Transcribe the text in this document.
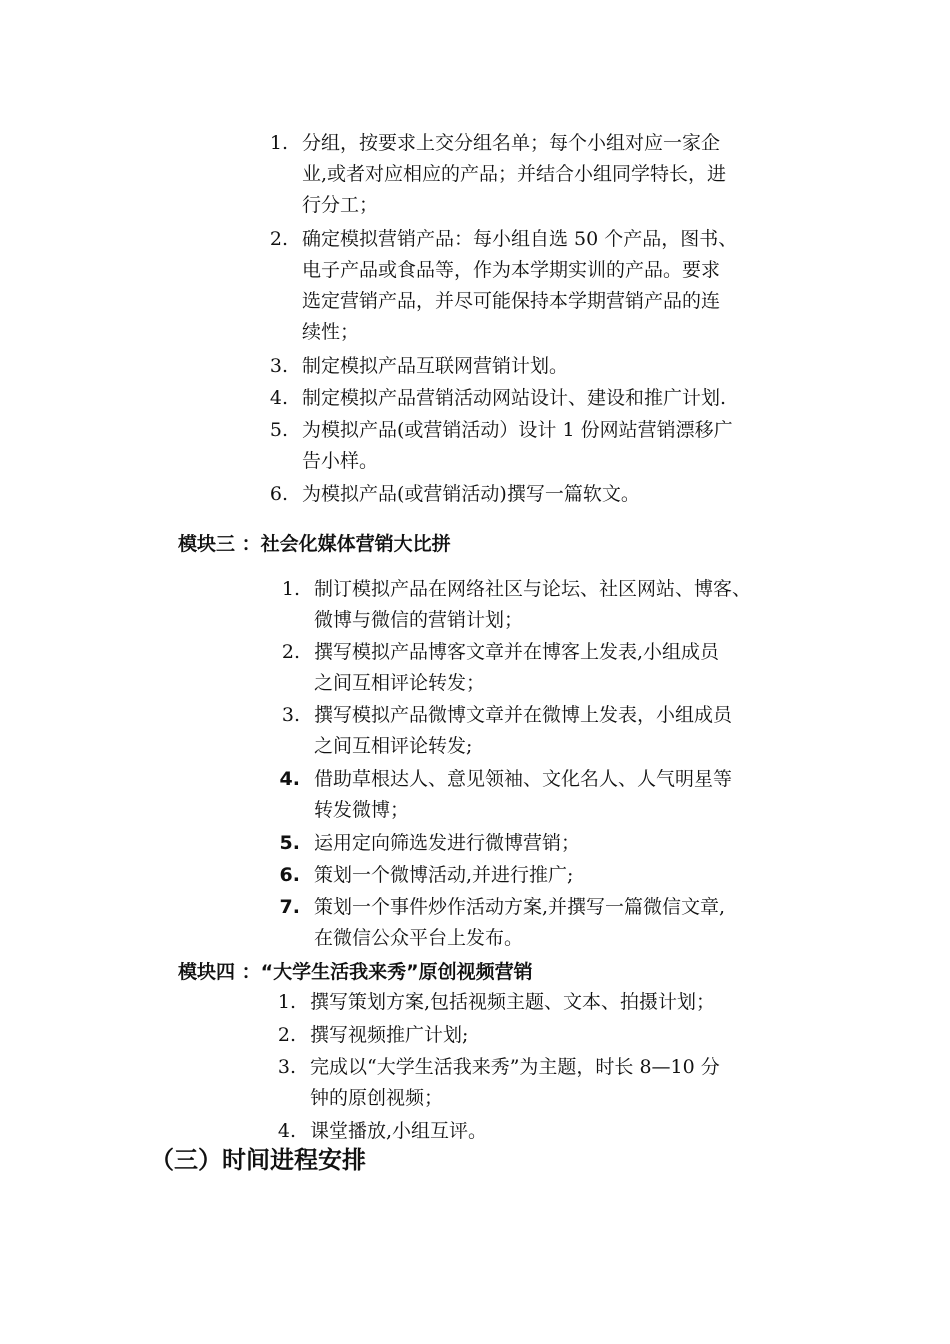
1. 分组，按要求上交分组名单；每个小组对应一家企
业,或者对应相应的产品；并结合小组同学特长，进
行分工；
2. 确定模拟营销产品：每小组自选 50 个产品，图书、
电子产品或食品等，作为本学期实训的产品。要求
选定营销产品，并尽可能保持本学期营销产品的连
续性；
3. 制定模拟产品互联网营销计划。
4. 制定模拟产品营销活动网站设计、建设和推广计划.
5. 为模拟产品(或营销活动）设计 1 份网站营销漂移广
告小样。
6. 为模拟产品(或营销活动)撰写一篇软文。
模块三 ：社会化媒体营销大比拼
1. 制订模拟产品在网络社区与论坛、社区网站、博客、
微博与微信的营销计划；
2. 撰写模拟产品博客文章并在博客上发表,小组成员
之间互相评论转发；
3. 撰写模拟产品微博文章并在微博上发表，小组成员
之间互相评论转发;
4. 借助草根达人、意见领袖、文化名人、人气明星等
转发微博；
5. 运用定向筛选发进行微博营销；
6. 策划一个微博活动,并进行推广;
7. 策划一个事件炒作活动方案,并撰写一篇微信文章,
在微信公众平台上发布。
模块四 ：“大学生活我来秀”原创视频营销
1. 撰写策划方案,包括视频主题、文本、拍摄计划；
2. 撰写视频推广计划;
3. 完成以“大学生活我来秀”为主题，时长 8—10 分
钟的原创视频；
4. 课堂播放,小组互评。
（三）时间进程安排
